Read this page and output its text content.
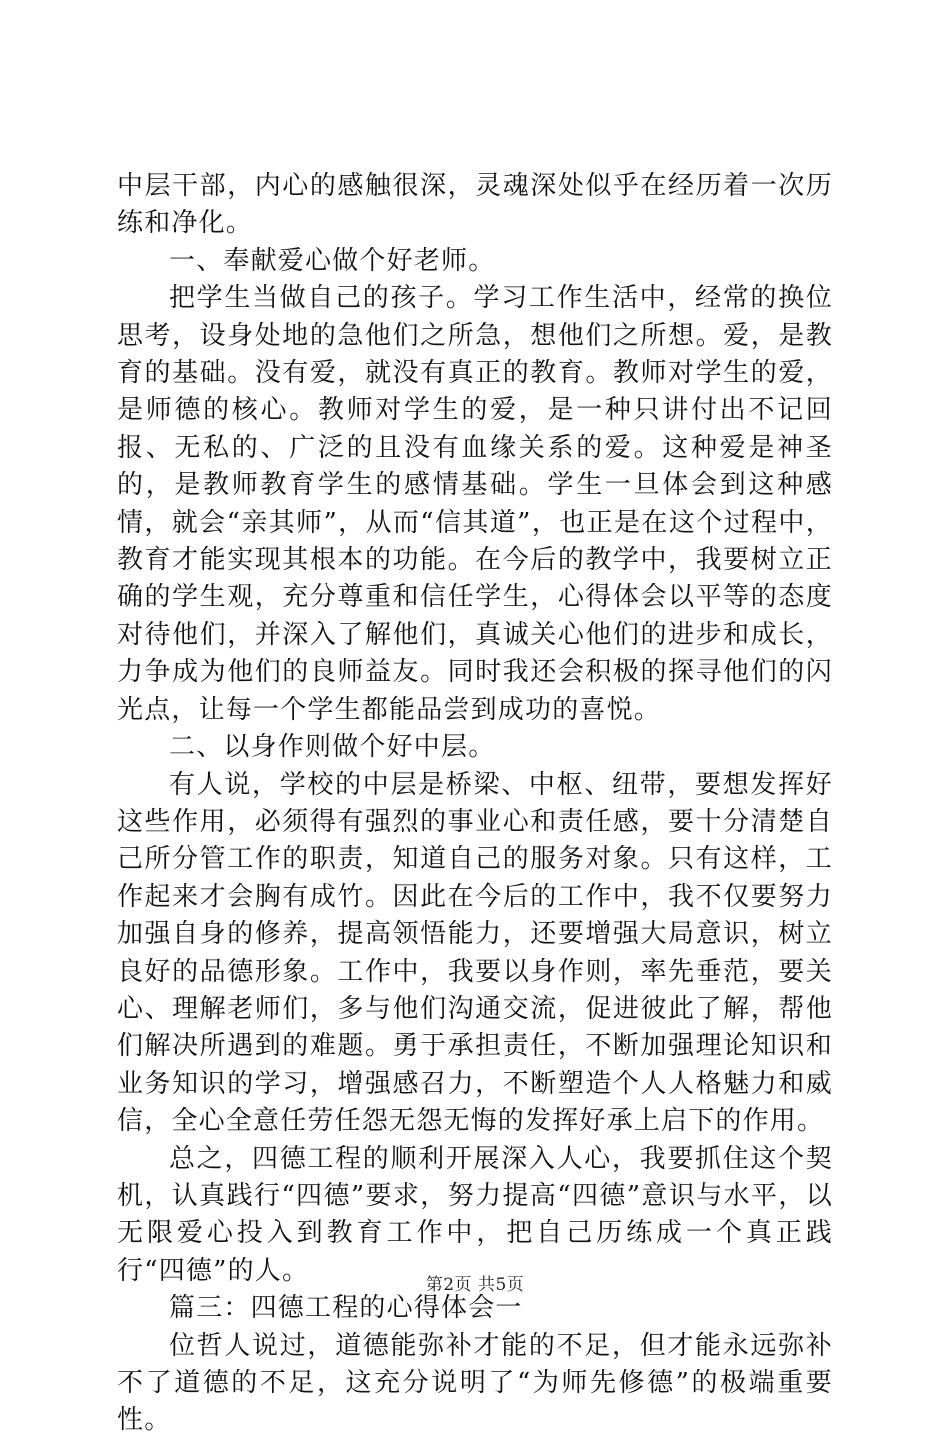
中层干部，内心的感触很深，灵魂深处似乎在经历着一次历练和净化。

一、奉献爱心做个好老师。

把学生当做自己的孩子。学习工作生活中，经常的换位思考，设身处地的急他们之所急，想他们之所想。爱，是教育的基础。没有爱，就没有真正的教育。教师对学生的爱，是师德的核心。教师对学生的爱，是一种只讲付出不记回报、无私的、广泛的且没有血缘关系的爱。这种爱是神圣的，是教师教育学生的感情基础。学生一旦体会到这种感情，就会“亲其师”，从而“信其道”，也正是在这个过程中，教育才能实现其根本的功能。在今后的教学中，我要树立正确的学生观，充分尊重和信任学生，心得体会以平等的态度对待他们，并深入了解他们，真诚关心他们的进步和成长，力争成为他们的良师益友。同时我还会积极的探寻他们的闪光点，让每一个学生都能品尝到成功的喜悦。

二、以身作则做个好中层。

有人说，学校的中层是桥梁、中枢、纽带，要想发挥好这些作用，必须得有强烈的事业心和责任感，要十分清楚自己所分管工作的职责，知道自己的服务对象。只有这样，工作起来才会胸有成竹。因此在今后的工作中，我不仅要努力加强自身的修养，提高领悟能力，还要增强大局意识，树立良好的品德形象。工作中，我要以身作则，率先垂范，要关心、理解老师们，多与他们沟通交流，促进彼此了解，帮他们解决所遇到的难题。勇于承担责任，不断加强理论知识和业务知识的学习，增强感召力，不断塑造个人人格魅力和威信，全心全意任劳任怨无怨无悔的发挥好承上启下的作用。

总之，四德工程的顺利开展深入人心，我要抓住这个契机，认真践行“四德”要求，努力提高“四德”意识与水平，以无限爱心投入到教育工作中，把自己历练成一个真正践行“四德”的人。

篇三：四德工程的心得体会一

位哲人说过，道德能弥补才能的不足，但才能永远弥补不了道德的不足，这充分说明了“为师先修德”的极端重要性。

第2页 共5页
